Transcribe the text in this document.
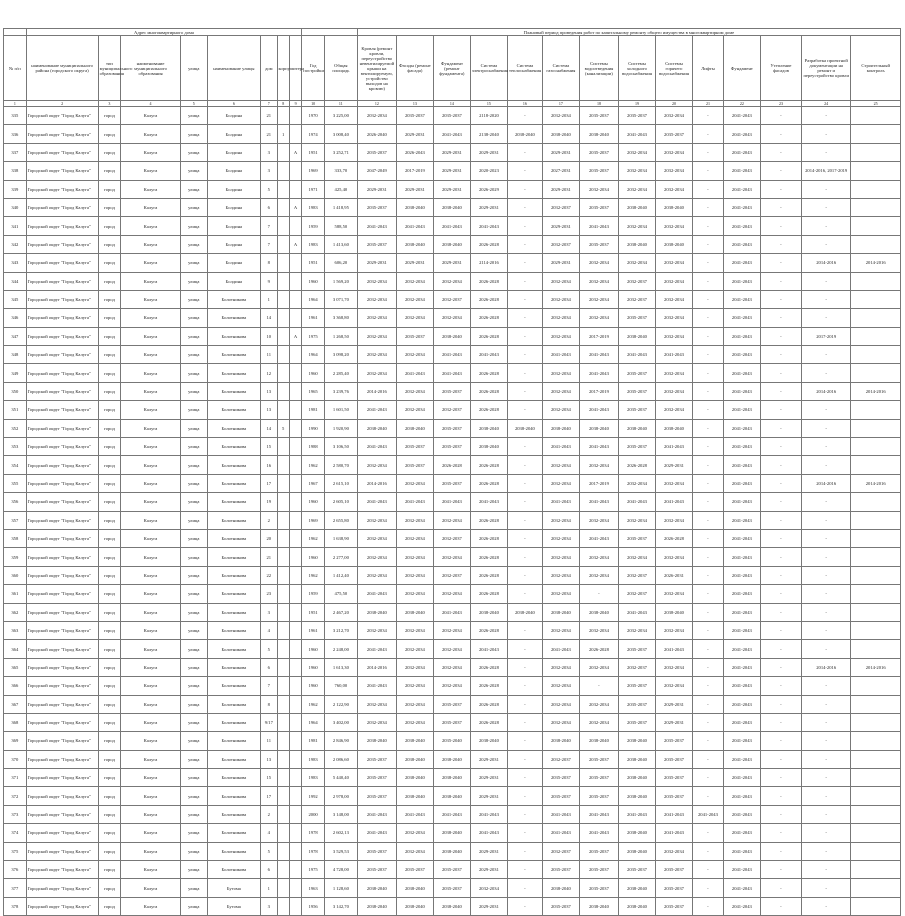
	Адрес многоквартирного дома										Плановый период проведения работ по капитальному ремонту общего имущества в многоквартирном доме													
№ п/п	наименование муниципального района (городского округа)	тип муниципального образования	наименование муниципального образования	улица	наименование улицы	дом	корпус	литера	Год постройки	Общая площадь	Кровля (ремонт кровли, переустройство невентилируемой крыши на вентилируемую, устройство выходов на кровлю)	Фасады (ремонт фасада)	Фундамент (ремонт фундамента)	Система электроснабжения	Система теплоснабжения	Система газоснабжения	Системы водоотведения (канализации)	Системы холодного водоснабжения	Системы горячего водоснабжения	Лифты	Фундамент	Утепление фасадов	Разработка проектной документации на ремонт и переустройство кровли	Строительный контроль
1	2	3	4	5	6	7	8	9	10	11	12	13	14	15	16	17	18	19	20	21	22	23	24	25
335	Городской округ "Город Калуга"	город	Калуга	улица	Болдина	21			1970	3 225,00	2032-2034	2035-2037	2035-2037	2118-2020	-	2032-2034	2035-2037	2035-2037	2032-2034	-	2041-2043	-	-	
336	Городской округ "Город Калуга"	город	Калуга	улица	Болдина	21	1		1974	3 008,40	2026-2040	2029-2031	2041-2043	2138-2040	2038-2040	2038-2040	2038-2040	2041-2043	2035-2037	-	2041-2043	-	-	
337	Городской округ "Город Калуга"	город	Калуга	улица	Болдина	3		А	1951	3 252,71	2035-2037	2026-2043	2029-2031	2029-2031	-	2029-2031	2035-2037	2032-2034	2032-2034	-	2041-2043	-	-	
338	Городской округ "Город Калуга"	город	Калуга	улица	Болдина	3			1969	333,70	2047-2049	2017-2019	2029-2031	2020-2023	-	2027-2031	2035-2037	2032-2034	2032-2034	-	2041-2043	-	2014-2016, 2017-2019	
339	Городской округ "Город Калуга"	город	Калуга	улица	Болдина	5			1971	425,40	2029-2031	2029-2031	2029-2031	2026-2029	-	2029-2031	2032-2034	2032-2034	2032-2034	-	2041-2043	-	-	
340	Городской округ "Город Калуга"	город	Калуга	улица	Болдина	6		А	1983	1 418,95	2035-2037	2038-2040	2038-2040	2029-2031	-	2032-2037	2035-2037	2038-2040	2038-2040	-	2041-2043	-	-	
341	Городской округ "Город Калуга"	город	Калуга	улица	Болдина	7			1959	588,50	2041-2043	2041-2043	2041-2043	2041-2043	-	2029-2031	2041-2043	2032-2034	2032-2034	-	2041-2043	-	-	
342	Городской округ "Город Калуга"	город	Калуга	улица	Болдина	7		А	1983	1 413,60	2035-2037	2038-2040	2038-2040	2026-2028	-	2032-2037	2035-2037	2038-2040	2038-2040	-	2041-2043	-	-	
343	Городской округ "Город Калуга"	город	Калуга	улица	Болдина	8			1951	606,20	2029-2031	2029-2031	2029-2031	2114-2016	-	2029-2031	2032-2034	2032-2034	2032-2034	-	2041-2043	-	2014-2016	2014-2016
344	Городской округ "Город Калуга"	город	Калуга	улица	Болдина	9			1960	1 569,20	2032-2034	2032-2034	2032-2034	2026-2028	-	2032-2034	2032-2034	2032-2037	2032-2034	-	2041-2043	-	-	
345	Городской округ "Город Калуга"	город	Калуга	улица	Болотникова	1			1964	3 071,70	2032-2034	2032-2034	2032-2037	2026-2028	-	2032-2034	2032-2034	2032-2037	2032-2034	-	2041-2043	-	-	
346	Городской округ "Город Калуга"	город	Калуга	улица	Болотникова	14			1961	3 368,80	2032-2034	2032-2034	2032-2034	2026-2028	-	2032-2034	2032-2034	2035-2037	2032-2034	-	2041-2043	-	-	
347	Городской округ "Город Калуга"	город	Калуга	улица	Болотникова	10		А	1975	1 268,50	2032-2034	2035-2037	2038-2040	2026-2028	-	2032-2034	2017-2019	2038-2040	2032-2034	-	2041-2043	-	2017-2019	
348	Городской округ "Город Калуга"	город	Калуга	улица	Болотникова	11			1964	3 098,20	2032-2034	2032-2034	2041-2043	2041-2043	-	2041-2043	2041-2043	2041-2043	2041-2043	-	2041-2043	-	-	
349	Городской округ "Город Калуга"	город	Калуга	улица	Болотникова	12			1960	2 285,40	2032-2034	2041-2043	2041-2043	2026-2028	-	2032-2034	2041-2043	2035-2037	2032-2034	-	2041-2043	-	-	
350	Городской округ "Город Калуга"	город	Калуга	улица	Болотникова	13			1965	3 239,76	2014-2016	2032-2034	2035-2037	2026-2028	-	2032-2034	2017-2019	2035-2037	2032-2034	-	2041-2043	-	2014-2016	2014-2016
351	Городской округ "Город Калуга"	город	Калуга	улица	Болотникова	13			1981	1 601,50	2041-2043	2032-2034	2032-2037	2026-2028	-	2032-2034	2041-2043	2035-2037	2032-2034	-	2041-2043	-	-	
352	Городской округ "Город Калуга"	город	Калуга	улица	Болотникова	14	5		1990	1 920,90	2038-2040	2038-2040	2035-2037	2038-2040	2038-2040	2038-2040	2038-2040	2038-2040	2038-2040	-	2041-2043	-	-	
353	Городской округ "Город Калуга"	город	Калуга	улица	Болотникова	15			1988	3 106,50	2041-2043	2035-2037	2035-2037	2038-2040	-	2041-2043	2041-2043	2035-2037	2041-2043	-	2041-2043	-	-	
354	Городской округ "Город Калуга"	город	Калуга	улица	Болотникова	16			1962	2 580,70	2032-2034	2035-2037	2026-2028	2026-2028	-	2032-2034	2032-2034	2026-2028	2029-2031	-	2041-2043	-	-	
355	Городской округ "Город Калуга"	город	Калуга	улица	Болотникова	17			1967	2 615,10	2014-2016	2032-2034	2035-2037	2026-2028	-	2032-2034	2017-2019	2032-2034	2032-2034	-	2041-2043	-	2014-2016	2014-2016
356	Городской округ "Город Калуга"	город	Калуга	улица	Болотникова	19			1960	2 605,10	2041-2043	2041-2043	2041-2043	2041-2043	-	2041-2043	2041-2043	2041-2043	2041-2043	-	2041-2043	-	-	
357	Городской округ "Город Калуга"	город	Калуга	улица	Болотникова	2			1969	2 655,80	2032-2034	2032-2034	2032-2034	2026-2028	-	2032-2034	2032-2034	2032-2034	2032-2034	-	2041-2043	-	-	
358	Городской округ "Город Калуга"	город	Калуга	улица	Болотникова	20			1962	1 638,90	2032-2034	2032-2034	2032-2037	2026-2028	-	2032-2034	2041-2043	2035-2037	2026-2028	-	2041-2043	-	-	
359	Городской округ "Город Калуга"	город	Калуга	улица	Болотникова	21			1960	2 277,00	2032-2034	2032-2034	2032-2034	2026-2028	-	2032-2034	2032-2034	2032-2034	2032-2034	-	2041-2043	-	-	
360	Городской округ "Город Калуга"	город	Калуга	улица	Болотникова	22			1962	1 412,40	2032-2034	2032-2034	2032-2037	2026-2028	-	2032-2034	2032-2034	2032-2037	2026-2031	-	2041-2043	-	-	
361	Городской округ "Город Калуга"	город	Калуга	улица	Болотникова	23			1959	475,50	2041-2043	2032-2034	2032-2034	2026-2028	-	2032-2034	-	2032-2037	2032-2034	-	2041-2043	-	-	
362	Городской округ "Город Калуга"	город	Калуга	улица	Болотникова	3			1951	2 467,20	2038-2040	2038-2040	2041-2043	2038-2040	2038-2040	2038-2040	2038-2040	2041-2043	2038-2040	-	2041-2043	-	-	
363	Городской округ "Город Калуга"	город	Калуга	улица	Болотникова	4			1961	3 212,70	2032-2034	2032-2034	2032-2034	2026-2028	-	2032-2034	2032-2034	2032-2034	2032-2034	-	2041-2043	-	-	
364	Городской округ "Город Калуга"	город	Калуга	улица	Болотникова	5			1960	2 248,00	2041-2043	2032-2034	2032-2034	2041-2043	-	2041-2043	2026-2028	2035-2037	2041-2043	-	2041-2043	-	-	
365	Городской округ "Город Калуга"	город	Калуга	улица	Болотникова	6			1960	1 613,30	2014-2016	2032-2034	2032-2034	2026-2028	-	2032-2034	2032-2034	2032-2037	2032-2034	-	2041-2043	-	2014-2016	2014-2016
366	Городской округ "Город Калуга"	город	Калуга	улица	Болотникова	7			1960	760,00	2041-2043	2032-2034	2032-2034	2026-2028	-	2032-2034	-	2035-2037	2032-2034	-	2041-2043	-	-	
367	Городской округ "Город Калуга"	город	Калуга	улица	Болотникова	8			1962	2 122,90	2032-2034	2032-2034	2035-2037	2026-2028	-	2032-2034	2032-2034	2035-2037	2029-2031	-	2041-2043	-	-	
368	Городской округ "Город Калуга"	город	Калуга	улица	Болотникова	9/17			1964	3 402,00	2032-2034	2032-2034	2035-2037	2026-2028	-	2032-2034	2032-2034	2035-2037	2029-2031	-	2041-2043	-	-	
369	Городской округ "Город Калуга"	город	Калуга	улица	Болотникова	11			1981	2 846,90	2038-2040	2038-2040	2035-2040	2038-2040	-	2038-2040	2038-2040	2038-2040	2035-2037	-	2041-2043	-	-	
370	Городской округ "Город Калуга"	город	Калуга	улица	Болотникова	13			1983	2 086,60	2035-2037	2038-2040	2038-2040	2029-2031	-	2032-2037	2035-2037	2038-2040	2035-2037	-	2041-2043	-	-	
371	Городской округ "Город Калуга"	город	Калуга	улица	Болотникова	15			1983	5 440,40	2035-2037	2038-2040	2038-2040	2029-2031	-	2035-2037	2035-2037	2038-2040	2035-2037	-	2041-2043	-	-	
372	Городской округ "Город Калуга"	город	Калуга	улица	Болотникова	17			1992	2 978,00	2035-2037	2038-2040	2038-2040	2029-2031	-	2035-2037	2035-2037	2038-2040	2035-2037	-	2041-2043	-	-	
373	Городской округ "Город Калуга"	город	Калуга	улица	Болотникова	2			2000	3 148,00	2041-2043	2041-2043	2041-2043	2041-2043	-	2041-2043	2041-2043	2041-2043	2041-2043	2041-2043	2041-2043	-	-	
374	Городской округ "Город Калуга"	город	Калуга	улица	Болотникова	4			1978	2 602,13	2041-2043	2032-2034	2038-2040	2041-2043	-	2041-2043	2041-2043	2038-2040	2041-2043	-	2041-2043	-	-	
375	Городской округ "Город Калуга"	город	Калуга	улица	Болотникова	5			1978	3 529,53	2035-2037	2032-2034	2038-2040	2029-2031	-	2032-2037	2035-2037	2038-2040	2032-2034	-	2041-2043	-	-	
376	Городской округ "Город Калуга"	город	Калуга	улица	Болотникова	6			1975	4 728,00	2035-2037	2035-2037	2035-2037	2029-2031	-	2035-2037	2035-2037	2035-2037	2035-2037	-	2041-2043	-	-	
377	Городской округ "Город Калуга"	город	Калуга	улица	Бутома	1			1963	1 128,60	2038-2040	2038-2040	2035-2037	2032-2034	-	2038-2040	2035-2037	2038-2040	2035-2037	-	2041-2043	-	-	
378	Городской округ "Город Калуга"	город	Калуга	улица	Бутома	3			1956	3 142,70	2038-2040	2038-2040	2038-2040	2029-2031	-	2035-2037	2038-2040	2038-2040	2035-2037	-	2041-2043	-	-	
